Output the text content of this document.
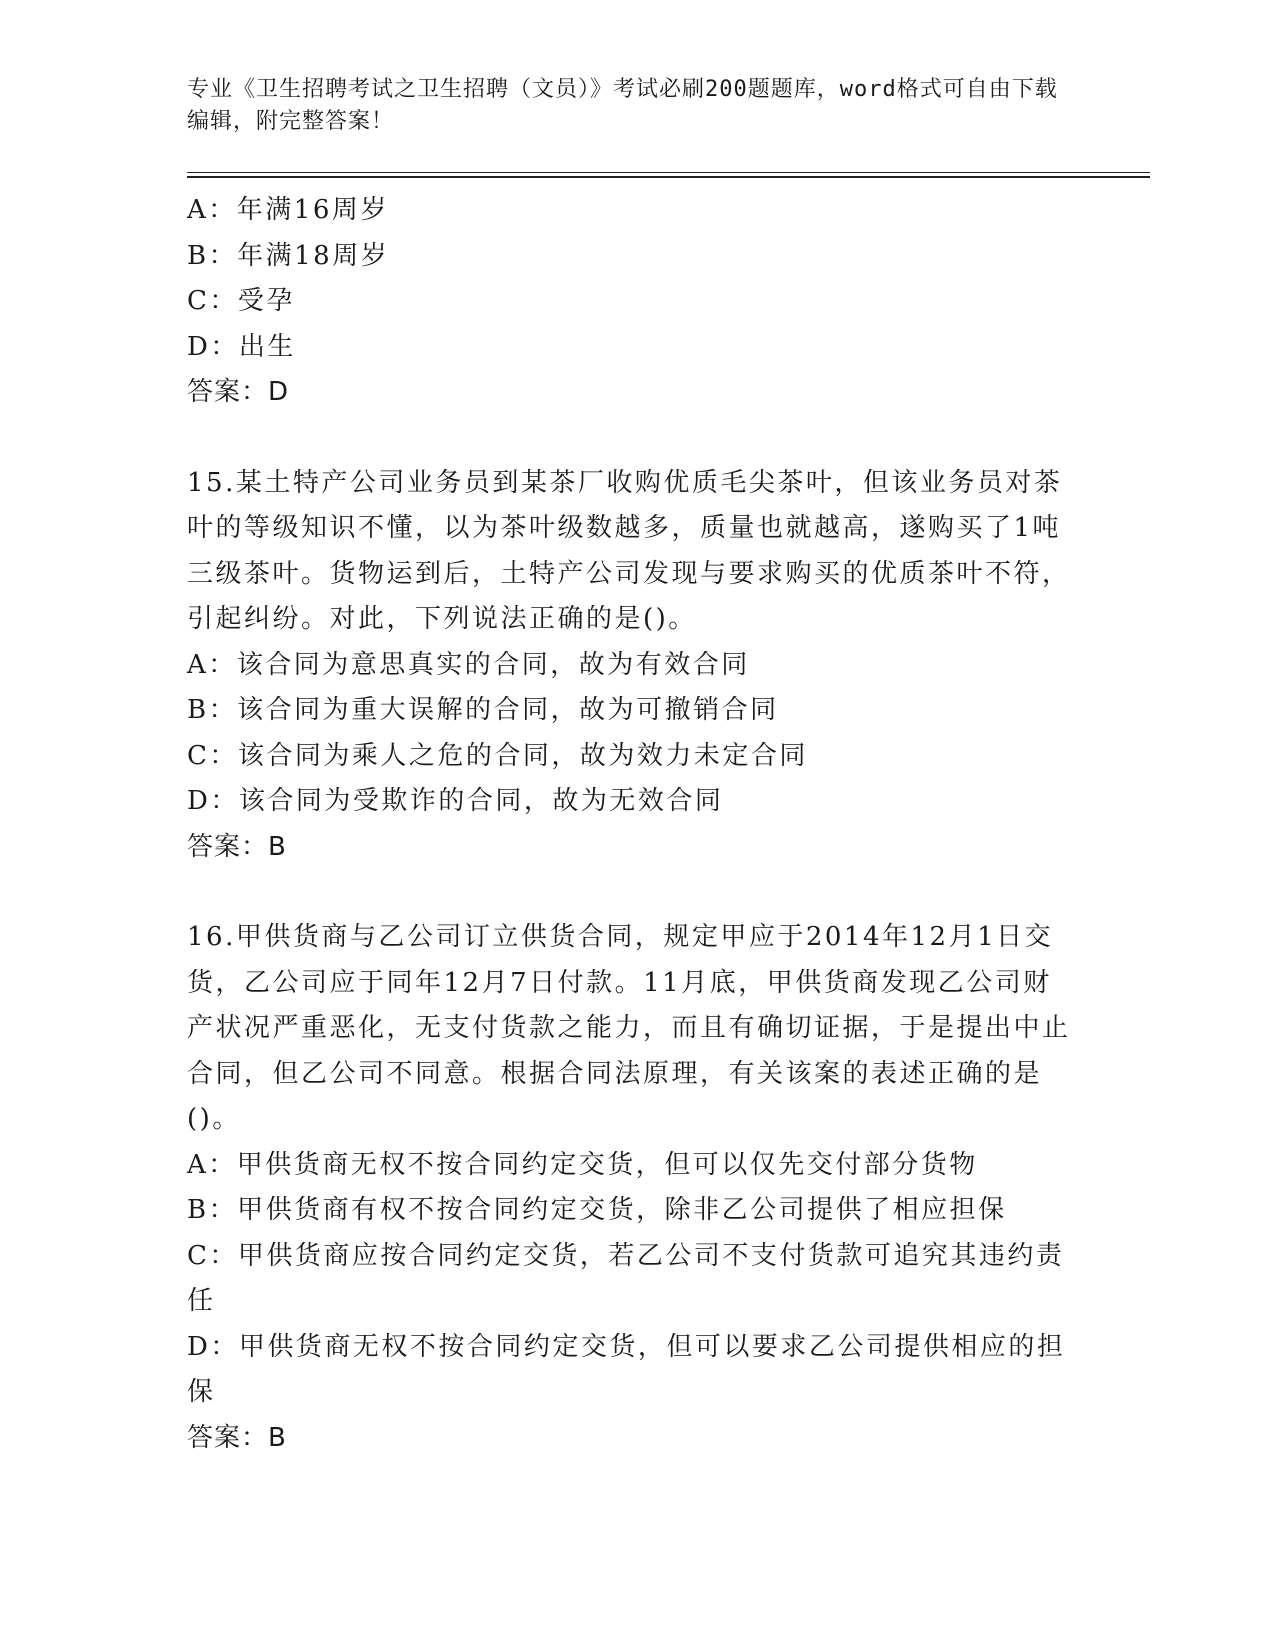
专业《卫生招聘考试之卫生招聘（文员）》考试必刷200题题库，word格式可自由下载编辑，附完整答案！
A：年满16周岁
B：年满18周岁
C：受孕
D：出生
答案：D
15.某土特产公司业务员到某茶厂收购优质毛尖茶叶，但该业务员对茶叶的等级知识不懂，以为茶叶级数越多，质量也就越高，遂购买了1吨三级茶叶。货物运到后，土特产公司发现与要求购买的优质茶叶不符，引起纠纷。对此，下列说法正确的是()。
A：该合同为意思真实的合同，故为有效合同
B：该合同为重大误解的合同，故为可撤销合同
C：该合同为乘人之危的合同，故为效力未定合同
D：该合同为受欺诈的合同，故为无效合同
答案：B
16.甲供货商与乙公司订立供货合同，规定甲应于2014年12月1日交货，乙公司应于同年12月7日付款。11月底，甲供货商发现乙公司财产状况严重恶化，无支付货款之能力，而且有确切证据，于是提出中止合同，但乙公司不同意。根据合同法原理，有关该案的表述正确的是()。
A：甲供货商无权不按合同约定交货，但可以仅先交付部分货物
B：甲供货商有权不按合同约定交货，除非乙公司提供了相应担保
C：甲供货商应按合同约定交货，若乙公司不支付货款可追究其违约责任
D：甲供货商无权不按合同约定交货，但可以要求乙公司提供相应的担保
答案：B
